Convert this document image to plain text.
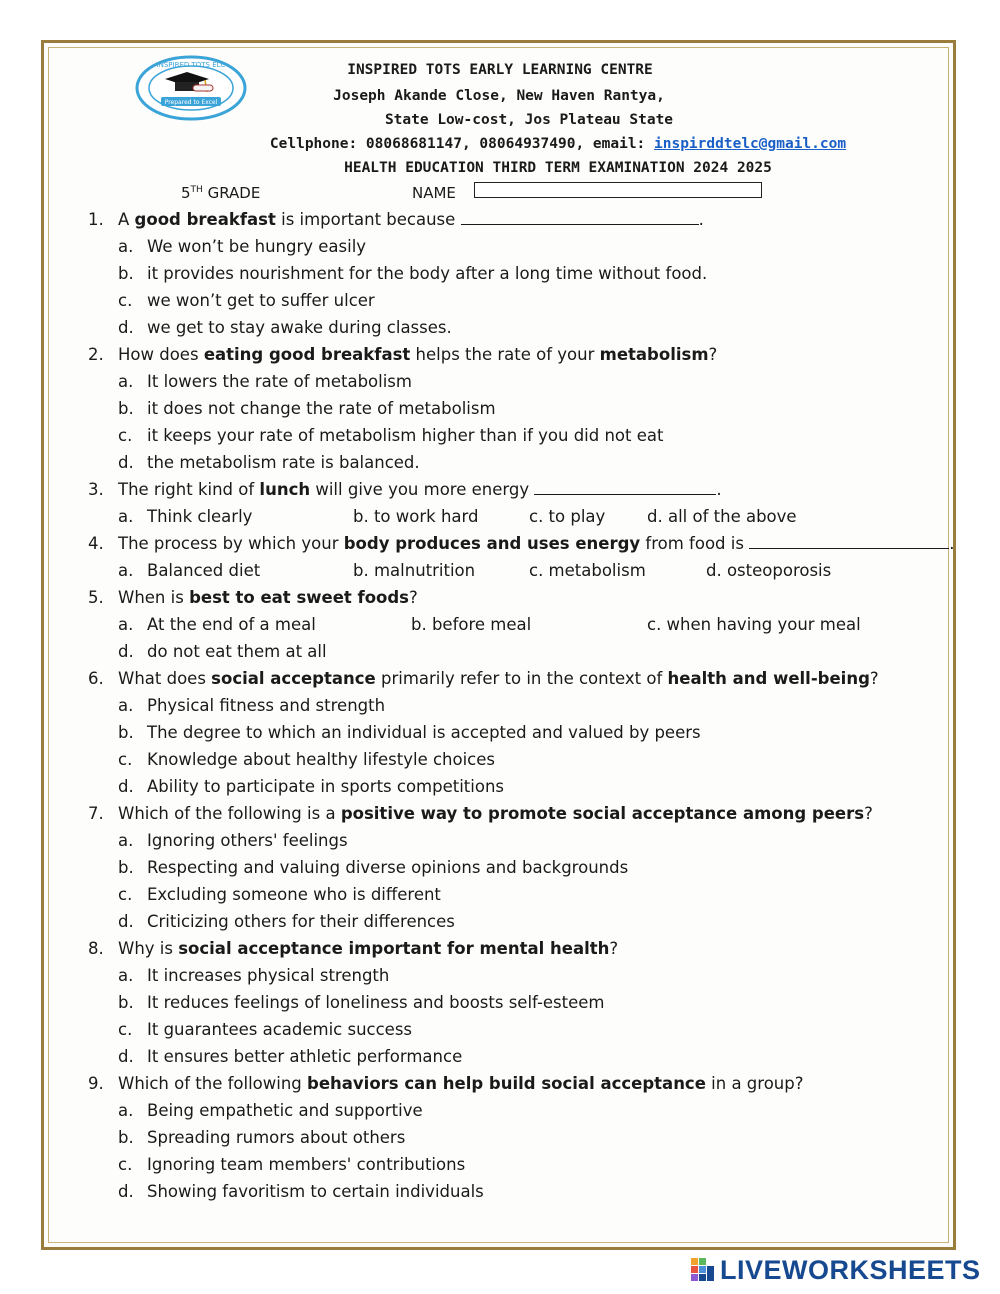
INSPIRED TOTS ELC
Prepared to Excel
INSPIRED TOTS EARLY LEARNING CENTRE
Joseph Akande Close, New Haven Rantya,
State Low-cost, Jos Plateau State
Cellphone: 08068681147, 08064937490, email: inspirddtelc@gmail.com
HEALTH EDUCATION THIRD TERM EXAMINATION 2024 2025
5TH GRADE	NAME
1. A good breakfast is important because	.
a. We won’t be hungry easily
b. it provides nourishment for the body after a long time without food.
c. we won’t get to suffer ulcer
d. we get to stay awake during classes.
2. How does eating good breakfast helps the rate of your metabolism?
a. It lowers the rate of metabolism
b. it does not change the rate of metabolism
c. it keeps your rate of metabolism higher than if you did not eat
d. the metabolism rate is balanced.
3. The right kind of lunch will give you more energy	.
a. Think clearly	b. to work hard	c. to play	d. all of the above
4. The process by which your body produces and uses energy from food is	.
a. Balanced diet	b. malnutrition	c. metabolism	d. osteoporosis
5. When is best to eat sweet foods?
a. At the end of a meal	b. before meal	c. when having your meal
d. do not eat them at all
6. What does social acceptance primarily refer to in the context of health and well-being?
a. Physical fitness and strength
b. The degree to which an individual is accepted and valued by peers
c. Knowledge about healthy lifestyle choices
d. Ability to participate in sports competitions
7. Which of the following is a positive way to promote social acceptance among peers?
a. Ignoring others' feelings
b. Respecting and valuing diverse opinions and backgrounds
c. Excluding someone who is different
d. Criticizing others for their differences
8. Why is social acceptance important for mental health?
a. It increases physical strength
b. It reduces feelings of loneliness and boosts self-esteem
c. It guarantees academic success
d. It ensures better athletic performance
9. Which of the following behaviors can help build social acceptance in a group?
a. Being empathetic and supportive
b. Spreading rumors about others
c. Ignoring team members' contributions
d. Showing favoritism to certain individuals
LIVEWORKSHEETS
